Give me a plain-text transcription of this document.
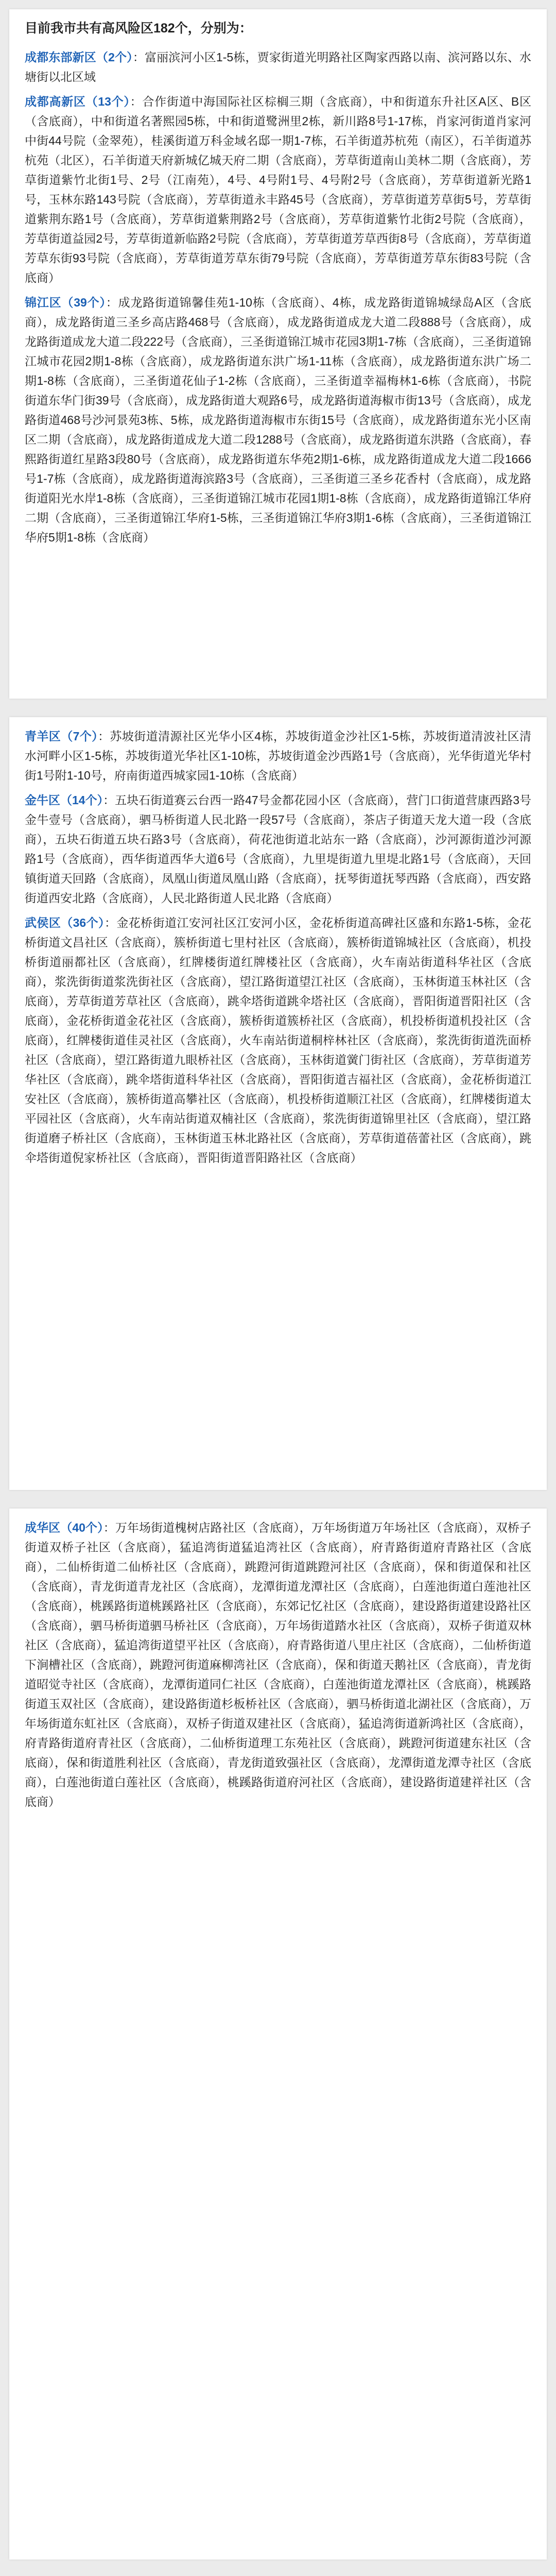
目前我市共有高风险区182个，分别为：

成都东部新区（2个）：富丽滨河小区1-5栋，贾家街道光明路社区陶家西路以南、滨河路以东、水塘街以北区域

成都高新区（13个）：合作街道中海国际社区棕榈三期（含底商），中和街道东升社区A区、B区（含底商），中和街道名著熙园5栋，中和街道鹭洲里2栋，新川路8号1-17栋，肖家河街道肖家河中街44号院（金翠苑），桂溪街道万科金域名邸一期1-7栋，石羊街道苏杭苑（南区），石羊街道苏杭苑（北区），石羊街道天府新城亿城天府二期（含底商），芳草街道南山美林二期（含底商），芳草街道紫竹北街1号、2号（江南苑），4号、4号附1号、4号附2号（含底商），芳草街道新光路1号，玉林东路143号院（含底商），芳草街道永丰路45号（含底商），芳草街道芳草街5号，芳草街道紫荆东路1号（含底商），芳草街道紫荆路2号（含底商），芳草街道紫竹北街2号院（含底商），芳草街道益园2号，芳草街道新临路2号院（含底商），芳草街道芳草西街8号（含底商），芳草街道芳草东街93号院（含底商），芳草街道芳草东街79号院（含底商），芳草街道芳草东街83号院（含底商）

锦江区（39个）：成龙路街道锦馨佳苑1-10栋（含底商）、4栋，成龙路街道锦城绿岛A区（含底商），成龙路街道三圣乡高店路468号（含底商），成龙路街道成龙大道二段888号（含底商），成龙路街道成龙大道二段222号（含底商），三圣街道锦江城市花园3期1-7栋（含底商），三圣街道锦江城市花园2期1-8栋（含底商），成龙路街道东洪广场1-11栋（含底商），成龙路街道东洪广场二期1-8栋（含底商），三圣街道花仙子1-2栋（含底商），三圣街道幸福梅林1-6栋（含底商），书院街道东华门街39号（含底商），成龙路街道大观路6号，成龙路街道海椒市街13号（含底商），成龙路街道468号沙河景苑3栋、5栋，成龙路街道海椒市东街15号（含底商），成龙路街道东光小区南区二期（含底商），成龙路街道成龙大道二段1288号（含底商），成龙路街道东洪路（含底商），春熙路街道红星路3段80号（含底商），成龙路街道东华苑2期1-6栋，成龙路街道成龙大道二段1666号1-7栋（含底商），成龙路街道海滨路3号（含底商），三圣街道三圣乡花香村（含底商），成龙路街道阳光水岸1-8栋（含底商），三圣街道锦江城市花园1期1-8栋（含底商），成龙路街道锦江华府二期（含底商），三圣街道锦江华府1-5栋，三圣街道锦江华府3期1-6栋（含底商），三圣街道锦江华府5期1-8栋（含底商）

青羊区（7个）：苏坡街道清源社区光华小区4栋，苏坡街道金沙社区1-5栋，苏坡街道清波社区清水河畔小区1-5栋，苏坡街道光华社区1-10栋，苏坡街道金沙西路1号（含底商），光华街道光华村街1号附1-10号，府南街道西城家园1-10栋（含底商）

金牛区（14个）：五块石街道赛云台西一路47号金都花园小区（含底商），营门口街道营康西路3号金牛壹号（含底商），驷马桥街道人民北路一段57号（含底商），茶店子街道天龙大道一段（含底商），五块石街道五块石路3号（含底商），荷花池街道北站东一路（含底商），沙河源街道沙河源路1号（含底商），西华街道西华大道6号（含底商），九里堤街道九里堤北路1号（含底商），天回镇街道天回路（含底商），凤凰山街道凤凰山路（含底商），抚琴街道抚琴西路（含底商），西安路街道西安北路（含底商），人民北路街道人民北路（含底商）

武侯区（36个）：金花桥街道江安河社区江安河小区，金花桥街道高碑社区盛和东路1-5栋，金花桥街道文昌社区（含底商），簇桥街道七里村社区（含底商），簇桥街道锦城社区（含底商），机投桥街道丽都社区（含底商），红牌楼街道红牌楼社区（含底商），火车南站街道科华社区（含底商），浆洗街街道浆洗街社区（含底商），望江路街道望江社区（含底商），玉林街道玉林社区（含底商），芳草街道芳草社区（含底商），跳伞塔街道跳伞塔社区（含底商），晋阳街道晋阳社区（含底商），金花桥街道金花社区（含底商），簇桥街道簇桥社区（含底商），机投桥街道机投社区（含底商），红牌楼街道佳灵社区（含底商），火车南站街道桐梓林社区（含底商），浆洗街街道洗面桥社区（含底商），望江路街道九眼桥社区（含底商），玉林街道黉门街社区（含底商），芳草街道芳华社区（含底商），跳伞塔街道科华社区（含底商），晋阳街道吉福社区（含底商），金花桥街道江安社区（含底商），簇桥街道高攀社区（含底商），机投桥街道顺江社区（含底商），红牌楼街道太平园社区（含底商），火车南站街道双楠社区（含底商），浆洗街街道锦里社区（含底商），望江路街道磨子桥社区（含底商），玉林街道玉林北路社区（含底商），芳草街道蓓蕾社区（含底商），跳伞塔街道倪家桥社区（含底商），晋阳街道晋阳路社区（含底商）

成华区（40个）：万年场街道槐树店路社区（含底商），万年场街道万年场社区（含底商），双桥子街道双桥子社区（含底商），猛追湾街道猛追湾社区（含底商），府青路街道府青路社区（含底商），二仙桥街道二仙桥社区（含底商），跳蹬河街道跳蹬河社区（含底商），保和街道保和社区（含底商），青龙街道青龙社区（含底商），龙潭街道龙潭社区（含底商），白莲池街道白莲池社区（含底商），桃蹊路街道桃蹊路社区（含底商），东郊记忆社区（含底商），建设路街道建设路社区（含底商），驷马桥街道驷马桥社区（含底商），万年场街道踏水社区（含底商），双桥子街道双林社区（含底商），猛追湾街道望平社区（含底商），府青路街道八里庄社区（含底商），二仙桥街道下涧槽社区（含底商），跳蹬河街道麻柳湾社区（含底商），保和街道天鹅社区（含底商），青龙街道昭觉寺社区（含底商），龙潭街道同仁社区（含底商），白莲池街道龙潭社区（含底商），桃蹊路街道玉双社区（含底商），建设路街道杉板桥社区（含底商），驷马桥街道北湖社区（含底商），万年场街道东虹社区（含底商），双桥子街道双建社区（含底商），猛追湾街道新鸿社区（含底商），府青路街道府青社区（含底商），二仙桥街道理工东苑社区（含底商），跳蹬河街道建东社区（含底商），保和街道胜利社区（含底商），青龙街道致强社区（含底商），龙潭街道龙潭寺社区（含底商），白莲池街道白莲社区（含底商），桃蹊路街道府河社区（含底商），建设路街道建祥社区（含底商）
